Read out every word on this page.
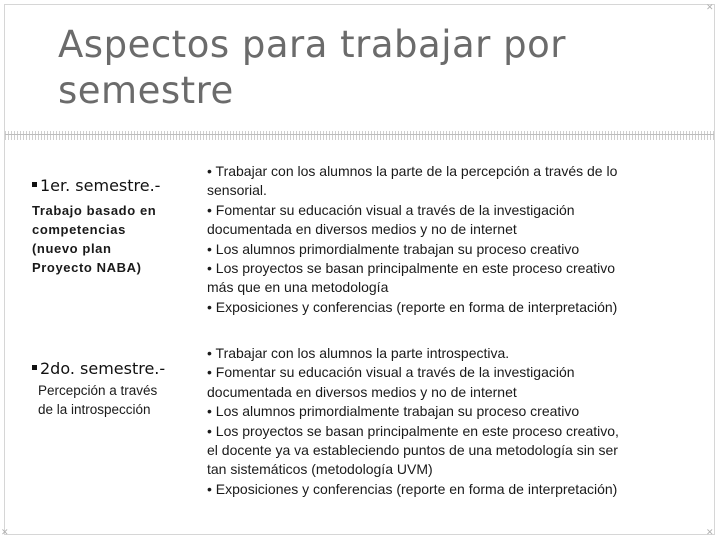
✕
✕	✕
Aspectos para trabajar por
semestre
1er. semestre.-
Trabajo basado en
competencias
(nuevo plan
Proyecto NABA)
• Trabajar con los alumnos la parte de la percepción a través de lo
sensorial.
• Fomentar su educación visual a través de la investigación
documentada en diversos medios y no de internet
• Los alumnos primordialmente trabajan su proceso creativo
• Los proyectos se basan principalmente en este proceso creativo
más que en una metodología
• Exposiciones y conferencias (reporte en forma de interpretación)
2do. semestre.-
Percepción a través
de la introspección
• Trabajar con los alumnos la parte introspectiva.
• Fomentar su educación visual a través de la investigación
documentada en diversos medios y no de internet
• Los alumnos primordialmente trabajan su proceso creativo
• Los proyectos se basan principalmente en este proceso creativo,
el docente ya va estableciendo puntos de una metodología sin ser
tan sistemáticos (metodología UVM)
• Exposiciones y conferencias (reporte en forma de interpretación)
